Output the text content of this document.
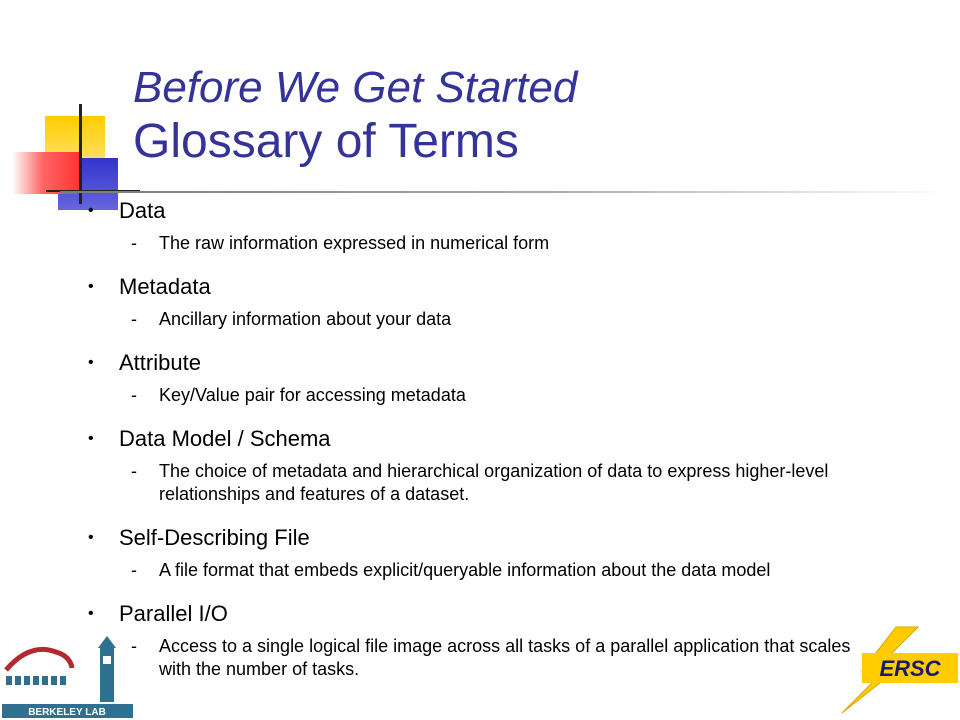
Before We Get Started
Glossary of Terms
• Data
- The raw information expressed in numerical form
• Metadata
- Ancillary information about your data
• Attribute
- Key/Value pair for accessing metadata
• Data Model / Schema
- The choice of metadata and hierarchical organization of data to express higher-level relationships and features of a dataset.
• Self-Describing File
- A file format that embeds explicit/queryable information about the data model
• Parallel I/O
- Access to a single logical file image across all tasks of a parallel application that scales with the number of tasks.
BERKELEY LAB
ERSC
